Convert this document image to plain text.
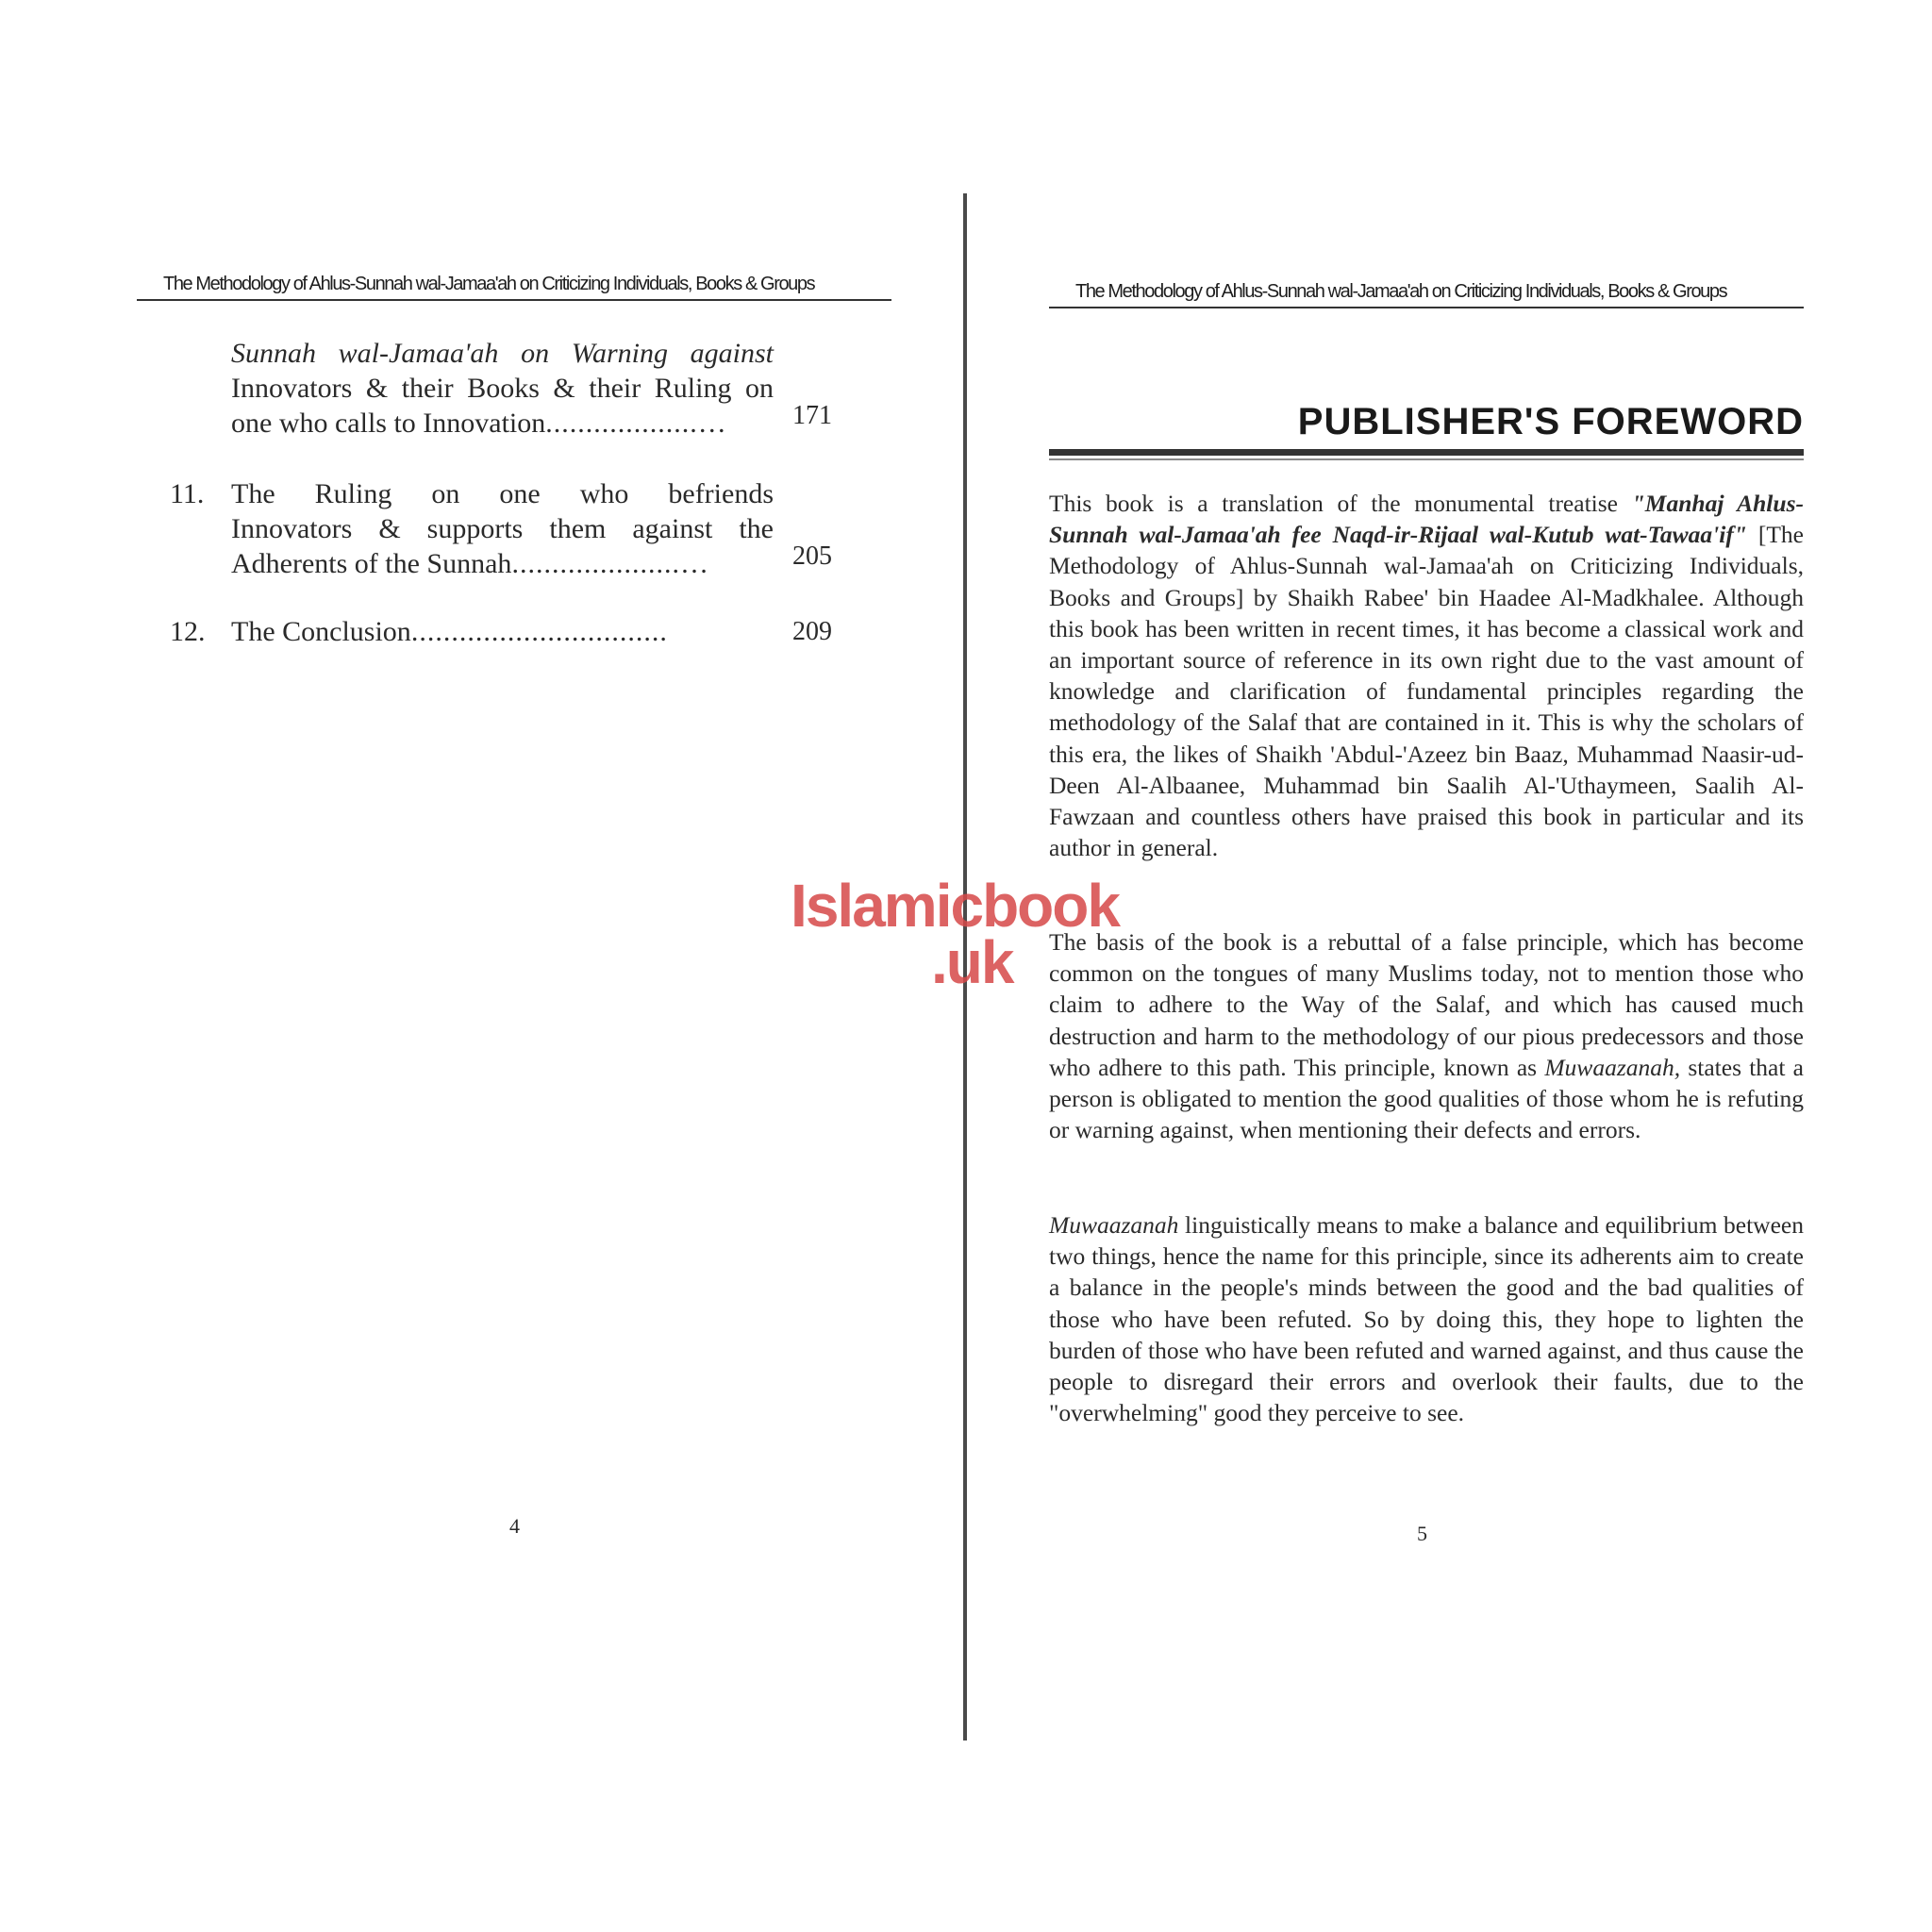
The Methodology of Ahlus-Sunnah wal-Jamaa'ah on Criticizing Individuals, Books & Groups
Sunnah wal-Jamaa'ah on Warning against
Innovators & their Books & their Ruling on
one who calls to Innovation...................…	171
11. The Ruling on one who befriends
Innovators & supports them against the
Adherents of the Sunnah.....................…	205
12. The Conclusion................................	209
4
The Methodology of Ahlus-Sunnah wal-Jamaa'ah on Criticizing Individuals, Books & Groups
PUBLISHER'S FOREWORD
This book is a translation of the monumental treatise "Manhaj Ahlus-Sunnah wal-Jamaa'ah fee Naqd-ir-Rijaal wal-Kutub wat-Tawaa'if" [The Methodology of Ahlus-Sunnah wal-Jamaa'ah on Criticizing Individuals, Books and Groups] by Shaikh Rabee' bin Haadee Al-Madkhalee. Although this book has been written in recent times, it has become a classical work and an important source of reference in its own right due to the vast amount of knowledge and clarification of fundamental principles regarding the methodology of the Salaf that are contained in it. This is why the scholars of this era, the likes of Shaikh 'Abdul-'Azeez bin Baaz, Muhammad Naasir-ud-Deen Al-Albaanee, Muhammad bin Saalih Al-'Uthaymeen, Saalih Al-Fawzaan and countless others have praised this book in particular and its author in general.
The basis of the book is a rebuttal of a false principle, which has become common on the tongues of many Muslims today, not to mention those who claim to adhere to the Way of the Salaf, and which has caused much destruction and harm to the methodology of our pious predecessors and those who adhere to this path. This principle, known as Muwaazanah, states that a person is obligated to mention the good qualities of those whom he is refuting or warning against, when mentioning their defects and errors.
Muwaazanah linguistically means to make a balance and equilibrium between two things, hence the name for this principle, since its adherents aim to create a balance in the people's minds between the good and the bad qualities of those who have been refuted. So by doing this, they hope to lighten the burden of those who have been refuted and warned against, and thus cause the people to disregard their errors and overlook their faults, due to the "overwhelming" good they perceive to see.
5
Islamicbook
.uk
